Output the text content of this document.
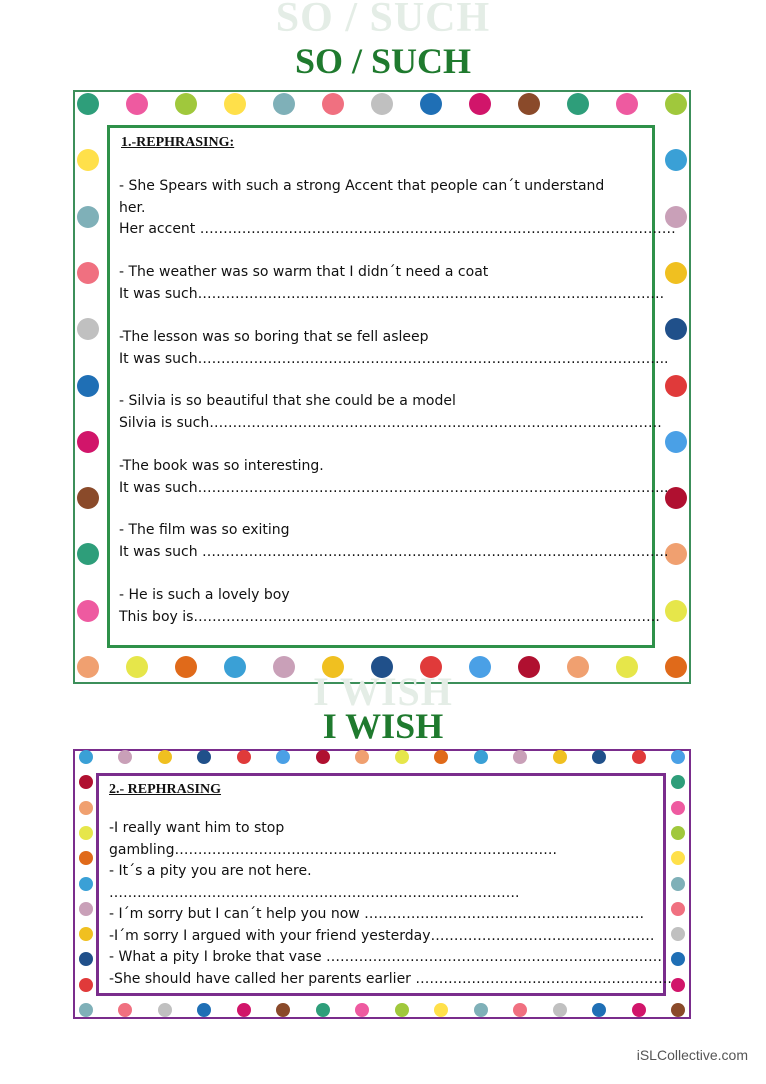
SO / SUCH
SO / SUCH
1.-REPHRASING:
- She Spears with such a strong Accent that people can´t understand
her.
Her accent …………………………………………………………………………………………
- The weather was so warm that I didn´t need a coat
It was such……………………………………………………………………………………….
-The lesson was so boring that se fell asleep
It was such………………………………………………………………………………………..
- Silvia is so beautiful that she could be a model
Silvia is such…………………………………………………………………………………….
-The book was so interesting.
It was such………………………………………………………………………………………..
- The film was so exiting
It was such ……………………………………………………………………………………….
- He is such a lovely boy
This boy is……………………………………………………………………………………….
I WISH
I WISH
2.- REPHRASING
-I really want him to stop
gambling……………………………………………………………………….
- It´s a pity you are not here.
…………………………………………………………………………….
- I´m sorry but I can´t help you now ……………………………………………………
-I´m sorry I argued with your friend yesterday…………………………………………
- What a pity I broke that vase ………………………………………………………………
-She should have called her parents earlier ……………………………………………….
iSLCollective.com
